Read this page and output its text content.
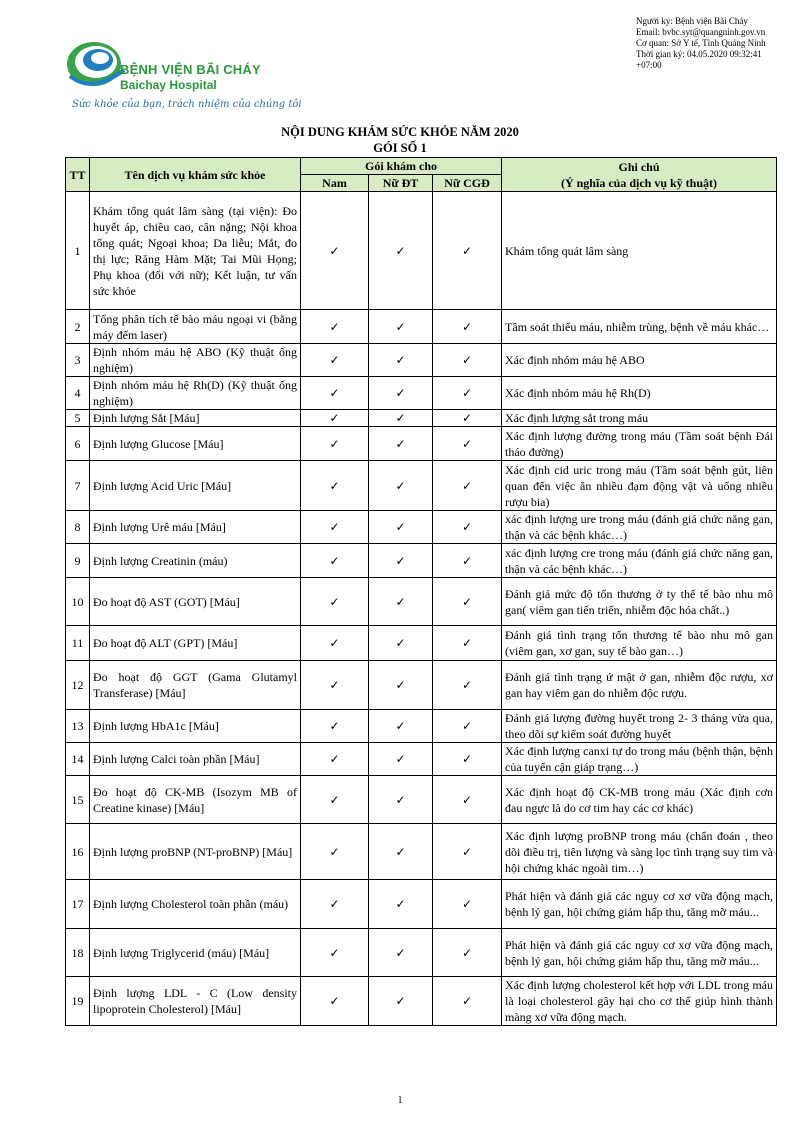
Người ký: Bệnh viện Bãi Cháy
Email: bvbc.syt@quangninh.gov.vn
Cơ quan: Sở Y tế, Tỉnh Quảng Ninh
Thời gian ký: 04.05.2020 09:32:41 +07:00
BỆNH VIỆN BÃI CHÁY
Baichay Hospital
Sức khỏe của bạn, trách nhiệm của chúng tôi
NỘI DUNG KHÁM SỨC KHỎE NĂM 2020
GÓI SỐ 1
TT	Tên dịch vụ khám sức khỏe	Gói khám cho			Ghi chú
(Ý nghĩa của dịch vụ kỹ thuật)

		Nam	Nữ ĐT	Nữ CGĐ	
1	Khám tổng quát lâm sàng (tại viện): Đo huyết áp, chiều cao, cân nặng; Nội khoa tổng quát; Ngoại khoa; Da liễu; Mắt, đo thị lực; Răng Hàm Mặt; Tai Mũi Họng; Phụ khoa (đối với nữ); Kết luận, tư vấn sức khỏe	✓	✓	✓	Khám tổng quát lâm sàng
2	Tổng phân tích tế bào máu ngoại vi (bằng máy đếm laser)	✓	✓	✓	Tầm soát thiếu máu, nhiễm trùng, bệnh về máu khác…
3	Định nhóm máu hệ ABO (Kỹ thuật ống nghiệm)	✓	✓	✓	Xác định nhóm máu hệ ABO
4	Định nhóm máu hệ Rh(D) (Kỹ thuật ống nghiệm)	✓	✓	✓	Xác định nhóm máu hệ Rh(D)
5	Định lượng Sắt [Máu]	✓	✓	✓	Xác định lượng sắt trong máu
6	Định lượng Glucose [Máu]	✓	✓	✓	Xác định lượng đường trong máu (Tầm soát bệnh Đái tháo đường)
7	Định lượng Acid Uric [Máu]	✓	✓	✓	Xác định cid uric trong máu (Tầm soát bệnh gút, liên quan đến việc ăn nhiều đạm động vật và uống nhiều rượu bia)
8	Định lượng Urê máu [Máu]	✓	✓	✓	xác định lượng ure trong máu (đánh giá chức năng gan, thận và các bệnh khác…)
9	Định lượng Creatinin (máu)	✓	✓	✓	xác định lượng cre trong máu (đánh giá chức năng gan, thận và các bệnh khác…)
10	Đo hoạt độ AST (GOT) [Máu]	✓	✓	✓	Đánh giá mức độ tổn thương ở ty thể tế bào nhu mô gan( viêm gan tiến triển, nhiễm độc hóa chất..)
11	Đo hoạt độ ALT (GPT) [Máu]	✓	✓	✓	Đánh giá tình trạng tổn thương tế bào nhu mô gan (viêm gan, xơ gan, suy tế bào gan…)
12	Đo hoạt độ GGT (Gama Glutamyl Transferase) [Máu]	✓	✓	✓	Đánh giá tình trạng ứ mật ở gan, nhiễm độc rượu, xơ gan hay viêm gan do nhiễm độc rượu.
13	Định lượng HbA1c [Máu]	✓	✓	✓	Đánh giá lượng đường huyết trong 2- 3 tháng vừa qua, theo dõi sự kiểm soát đường huyết
14	Định lượng Calci toàn phần [Máu]	✓	✓	✓	Xác định lượng canxi tự do trong máu (bệnh thận, bệnh của tuyến cận giáp trạng…)
15	Đo hoạt độ CK-MB (Isozym MB of Creatine kinase) [Máu]	✓	✓	✓	Xác định hoạt độ CK-MB trong máu (Xác định cơn đau ngực là do cơ tim hay các cơ khác)
16	Định lượng proBNP (NT-proBNP) [Máu]	✓	✓	✓	Xác định lượng proBNP trong máu (chẩn đoán , theo dõi điều trị, tiên lượng và sàng lọc tình trạng suy tim và hội chứng khác ngoài tim…)
17	Định lượng Cholesterol toàn phần (máu)	✓	✓	✓	Phát hiện và đánh giá các nguy cơ xơ vữa động mạch, bệnh lý gan, hội chứng giảm hấp thu, tăng mỡ máu...
18	Định lượng Triglycerid (máu) [Máu]	✓	✓	✓	Phát hiện và đánh giá các nguy cơ xơ vữa động mạch, bệnh lý gan, hội chứng giảm hấp thu, tăng mỡ máu...
19	Định lượng LDL - C (Low density lipoprotein Cholesterol) [Máu]	✓	✓	✓	Xác định lượng cholesterol kết hợp với LDL trong máu là loại cholesterol gây hại cho cơ thể giúp hình thành màng xơ vữa động mạch.
1
